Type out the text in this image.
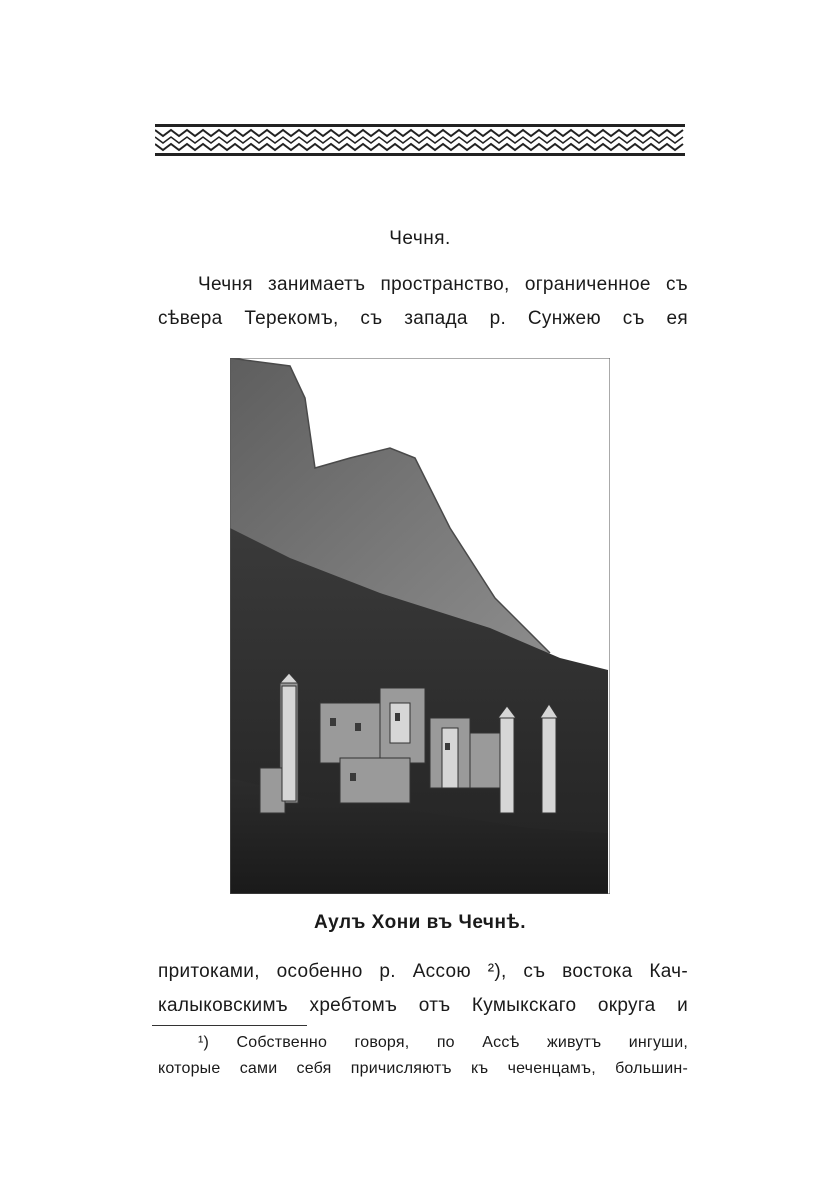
Чечня.
Чечня занимаетъ пространство, ограниченное съ
сѣвера Терекомъ, съ запада р. Сунжею съ ея
Аулъ Хони въ Чечнѣ.
притоками, особенно р. Ассою ²), съ востока Кач-
калыковскимъ хребтомъ отъ Кумыкскаго округа и
¹) Собственно говоря, по Ассѣ живутъ ингуши,
которые сами себя причисляютъ къ чеченцамъ, большин-
